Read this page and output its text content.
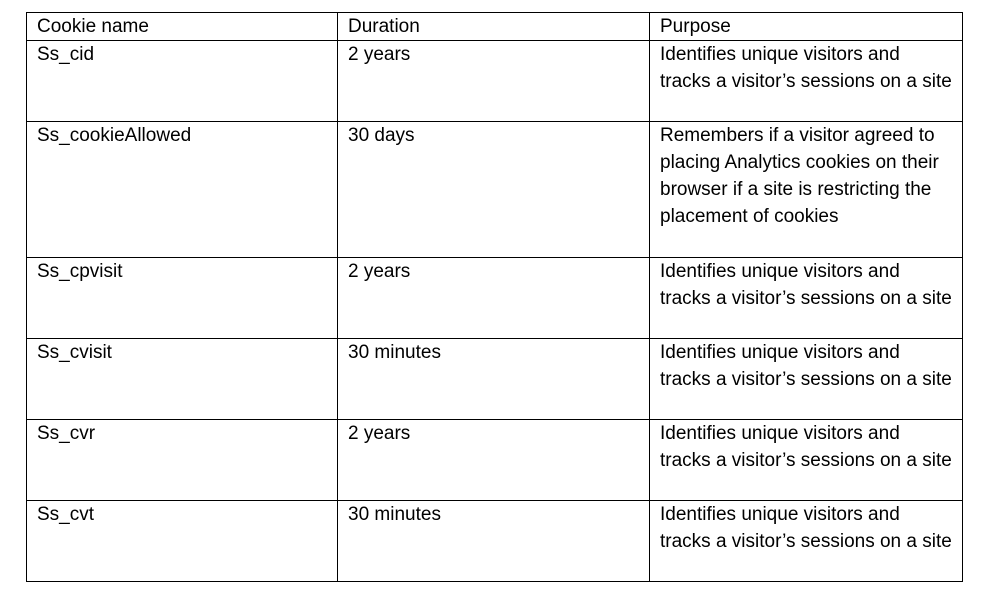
Cookie name	Duration	Purpose
Ss_cid	2 years	Identifies unique visitors and tracks a visitor’s sessions on a site
Ss_cookieAllowed	30 days	Remembers if a visitor agreed to placing Analytics cookies on their browser if a site is restricting the placement of cookies
Ss_cpvisit	2 years	Identifies unique visitors and tracks a visitor’s sessions on a site
Ss_cvisit	30 minutes	Identifies unique visitors and tracks a visitor’s sessions on a site
Ss_cvr	2 years	Identifies unique visitors and tracks a visitor’s sessions on a site
Ss_cvt	30 minutes	Identifies unique visitors and tracks a visitor’s sessions on a site
